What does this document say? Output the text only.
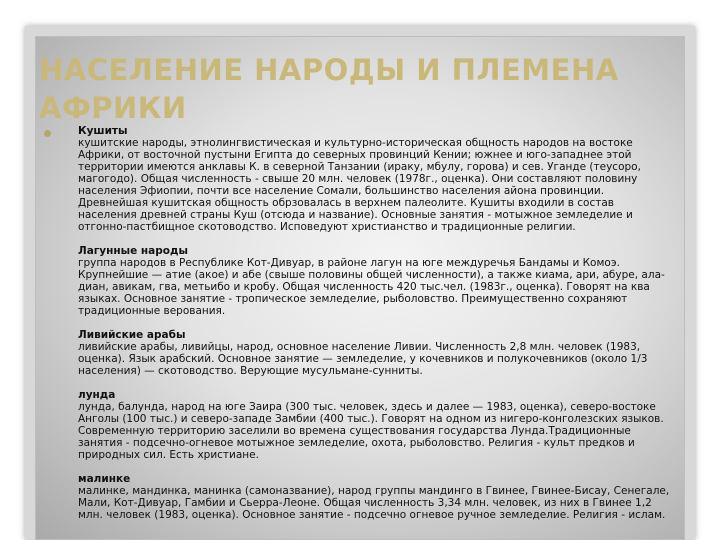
НАСЕЛЕНИЕ НАРОДЫ И ПЛЕМЕНА АФРИКИ
Кушиты
кушитские народы, этнолингвистическая и культурно-историческая общность народов на востоке Африки, от восточной пустыни Египта до северных провинций Кении; южнее и юго-западнее этой территории имеются анклавы К. в северной Танзании (ираку, мбулу, горова) и сев. Уганде (теусоро, магогодо). Общая численность - свыше 20 млн. человек (1978г., оценка). Они составляют половину населения Эфиопии, почти все население Сомали, большинство населения айона провинции. Древнейшая кушитская общность обрзовалась в верхнем палеолите. Кушиты входили в состав населения древней страны Куш (отсюда и название). Основные занятия - мотыжное земледелие и отгонно-пастбищное скотоводство. Исповедуют христианство и традиционные религии.
Лагунные народы
группа народов в Республике Кот-Дивуар, в районе лагун на юге междуречья Бандамы и Комоэ. Крупнейшие — атие (акое) и абе (свыше половины общей численности), а также киама, ари, абуре, ала-диан, авикам, гва, метьибо и кробу. Общая численность 420 тыс.чел. (1983г., оценка). Говорят на ква языках. Основное занятие - тропическое земледелие, рыболовство. Преимущественно сохраняют традиционные верования.
Ливийские арабы
ливийские арабы, ливийцы, народ, основное население Ливии. Численность 2,8 млн. человек (1983, оценка). Язык арабский. Основное занятие — земледелие, у кочевников и полукочевников (около 1/3 населения) — скотоводство. Верующие мусульмане-сунниты.
лунда
лунда, балунда, народ на юге Заира (300 тыс. человек, здесь и далее — 1983, оценка), северо-востоке Анголы (100 тыс.) и северо-западе Замбии (400 тыс.). Говорят на одном из нигеро-конголезских языков. Современную территорию заселили во времена существования государства Лунда.Традиционные занятия - подсечно-огневое мотыжное земледелие, охота, рыболовство. Религия - культ предков и природных сил. Есть христиане.
малинке
малинке, мандинка, манинка (самоназвание), народ группы мандинго в Гвинее, Гвинее-Бисау, Сенегале, Мали, Кот-Дивуар, Гамбии и Сьерра-Леоне. Общая численность 3,34 млн. человек, из них в Гвинее 1,2 млн. человек (1983, оценка). Основное занятие - подсечно огневое ручное земледелие. Религия - ислам.
